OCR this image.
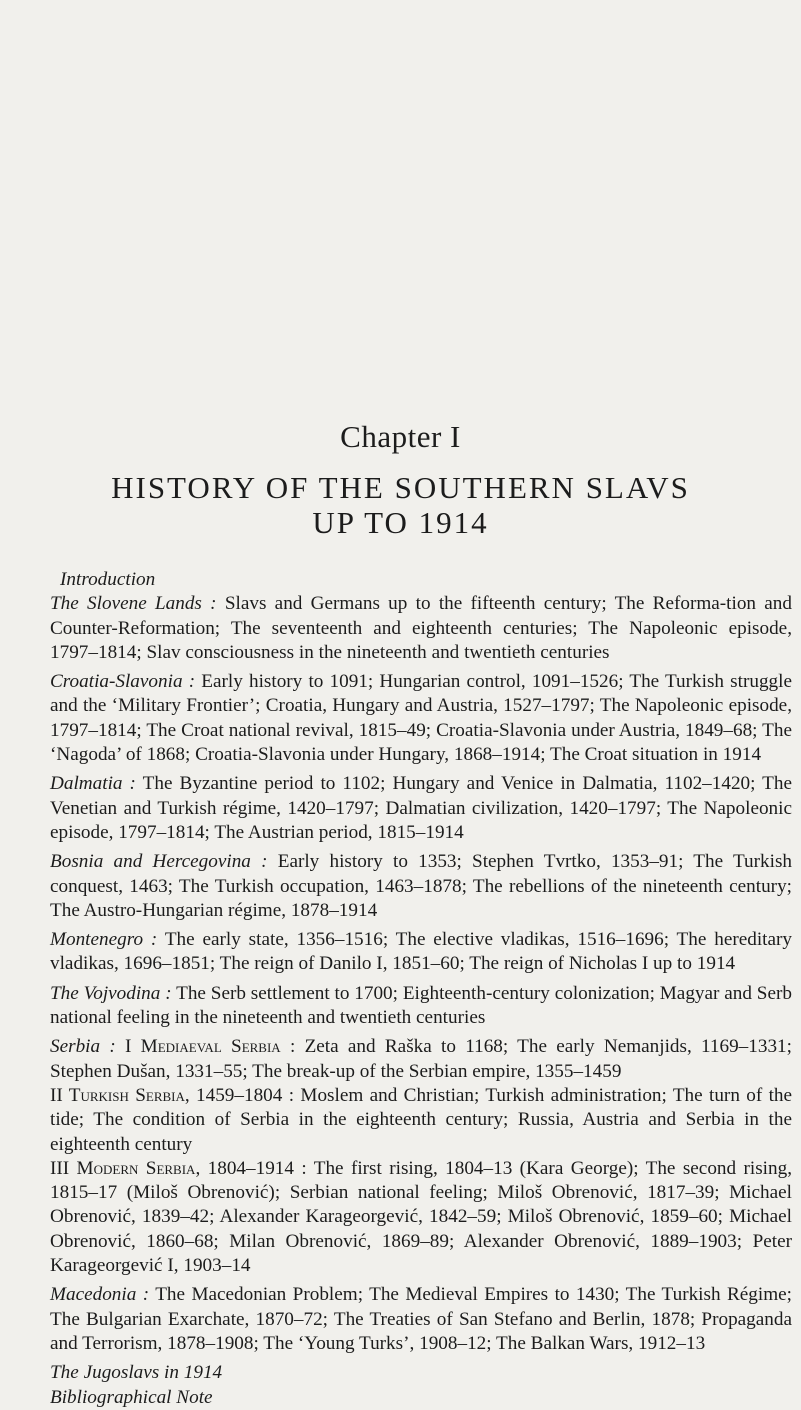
Chapter I
HISTORY OF THE SOUTHERN SLAVS
UP TO 1914

Introduction

The Slovene Lands : Slavs and Germans up to the fifteenth century; The Reforma-tion and Counter-Reformation; The seventeenth and eighteenth centuries; The Napoleonic episode, 1797–1814; Slav consciousness in the nineteenth and twentieth centuries

Croatia-Slavonia : Early history to 1091; Hungarian control, 1091–1526; The Turkish struggle and the ‘Military Frontier’; Croatia, Hungary and Austria, 1527–1797; The Napoleonic episode, 1797–1814; The Croat national revival, 1815–49; Croatia-Slavonia under Austria, 1849–68; The ‘Nagoda’ of 1868; Croatia-Slavonia under Hungary, 1868–1914; The Croat situation in 1914

Dalmatia : The Byzantine period to 1102; Hungary and Venice in Dalmatia, 1102–1420; The Venetian and Turkish régime, 1420–1797; Dalmatian civilization, 1420–1797; The Napoleonic episode, 1797–1814; The Austrian period, 1815–1914

Bosnia and Hercegovina : Early history to 1353; Stephen Tvrtko, 1353–91; The Turkish conquest, 1463; The Turkish occupation, 1463–1878; The rebellions of the nineteenth century; The Austro-Hungarian régime, 1878–1914

Montenegro : The early state, 1356–1516; The elective vladikas, 1516–1696; The hereditary vladikas, 1696–1851; The reign of Danilo I, 1851–60; The reign of Nicholas I up to 1914

The Vojvodina : The Serb settlement to 1700; Eighteenth-century colonization; Magyar and Serb national feeling in the nineteenth and twentieth centuries

Serbia : I Mediaeval Serbia : Zeta and Raška to 1168; The early Nemanjids, 1169–1331; Stephen Dušan, 1331–55; The break-up of the Serbian empire, 1355–1459
II Turkish Serbia, 1459–1804 : Moslem and Christian; Turkish administration; The turn of the tide; The condition of Serbia in the eighteenth century; Russia, Austria and Serbia in the eighteenth century
III Modern Serbia, 1804–1914 : The first rising, 1804–13 (Kara George); The second rising, 1815–17 (Miloš Obrenović); Serbian national feeling; Miloš Obrenović, 1817–39; Michael Obrenović, 1839–42; Alexander Karageorgević, 1842–59; Miloš Obrenović, 1859–60; Michael Obrenović, 1860–68; Milan Obrenović, 1869–89; Alexander Obrenović, 1889–1903; Peter Karageorgević I, 1903–14

Macedonia : The Macedonian Problem; The Medieval Empires to 1430; The Turkish Régime; The Bulgarian Exarchate, 1870–72; The Treaties of San Stefano and Berlin, 1878; Propaganda and Terrorism, 1878–1908; The ‘Young Turks’, 1908–12; The Balkan Wars, 1912–13

The Jugoslavs in 1914

Bibliographical Note
